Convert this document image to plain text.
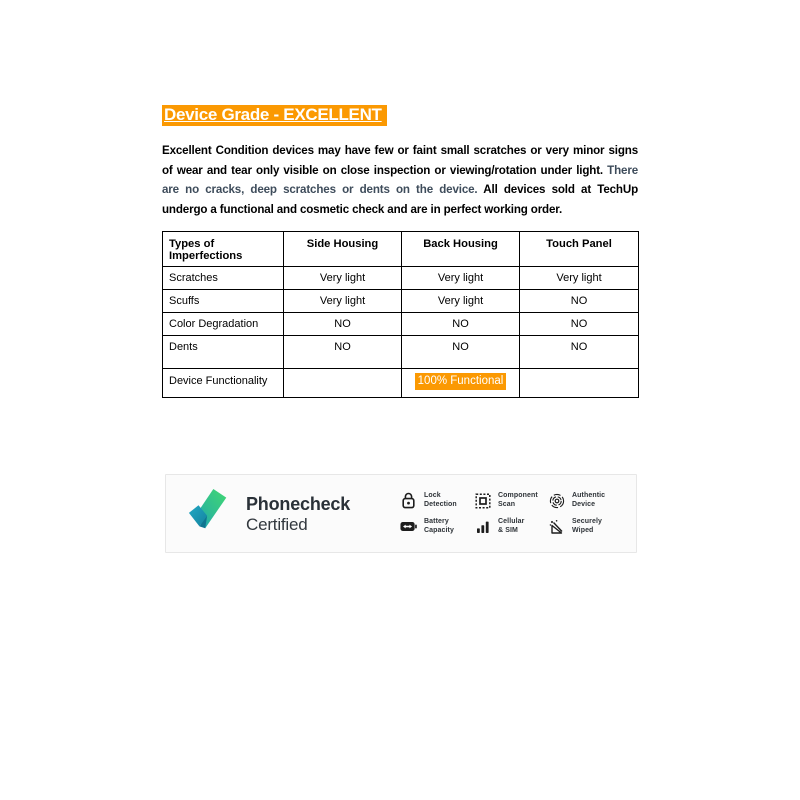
Device Grade - EXCELLENT

Excellent Condition devices may have few or faint small scratches or very minor signs of wear and tear only visible on close inspection or viewing/rotation under light. There are no cracks, deep scratches or dents on the device. All devices sold at TechUp undergo a functional and cosmetic check and are in perfect working order.

Types of Imperfections	Side Housing	Back Housing	Touch Panel
Scratches	Very light	Very light	Very light
Scuffs	Very light	Very light	NO
Color Degradation	NO	NO	NO
Dents	NO	NO	NO
Device Functionality		100% Functional	
Phonecheck
Certified
Lock
Detection
Component
Scan
Authentic
Device
Battery
Capacity
Cellular
& SIM
Securely
Wiped
